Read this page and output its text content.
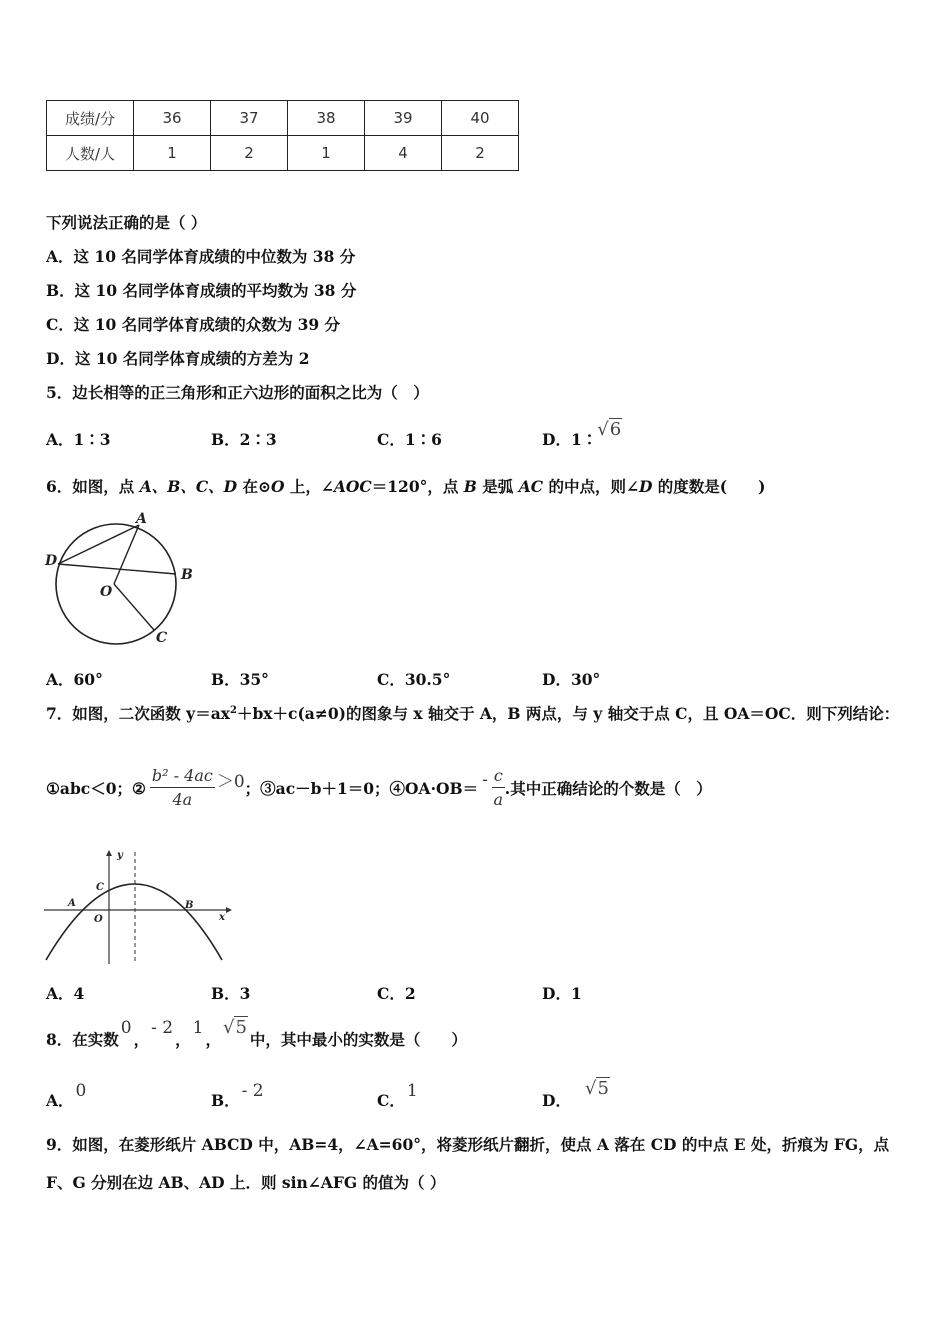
成绩/分	36	37	38	39	40
人数/人	1	2	1	4	2
下列说法正确的是（ ）
A．这 10 名同学体育成绩的中位数为 38 分
B．这 10 名同学体育成绩的平均数为 38 分
C．这 10 名同学体育成绩的众数为 39 分
D．这 10 名同学体育成绩的方差为 2
5．边长相等的正三角形和正六边形的面积之比为（　）
A．1∶3	B．2∶3	C．1∶6	D．1∶√6
6．如图，点 A、B、C、D 在⊙O 上，∠AOC＝120°，点 B 是弧 AC 的中点，则∠D 的度数是(　　)
A
B
C
D
O
A．60°	B．35°	C．30.5°	D．30°
7．如图，二次函数 $y=ax^2+bx+c(a\ne 0)$的图象与 x 轴交于 A，B 两点，与 y 轴交于点 C，且 OA＝OC．则下列结论：
①abc＜0；② $\frac{\text{b² - 4ac}}{4a} >0$ ；③ac－b＋1＝0；④OA·OB＝ - $\frac{c}{a}$ .其中正确结论的个数是（　）
y
x
A	B
C
O
A．4	B．3	C．2	D．1
8．在实数0，- 2，1，√5中，其中最小的实数是（　　）
A． 0	B． - 2	C． 1	D．√5
9．如图，在菱形纸片 ABCD 中，AB=4，∠A=60°，将菱形纸片翻折，使点 A 落在 CD 的中点 E 处，折痕为 FG，点
F、G 分别在边 AB、AD 上．则 sin∠AFG 的值为（ ）
